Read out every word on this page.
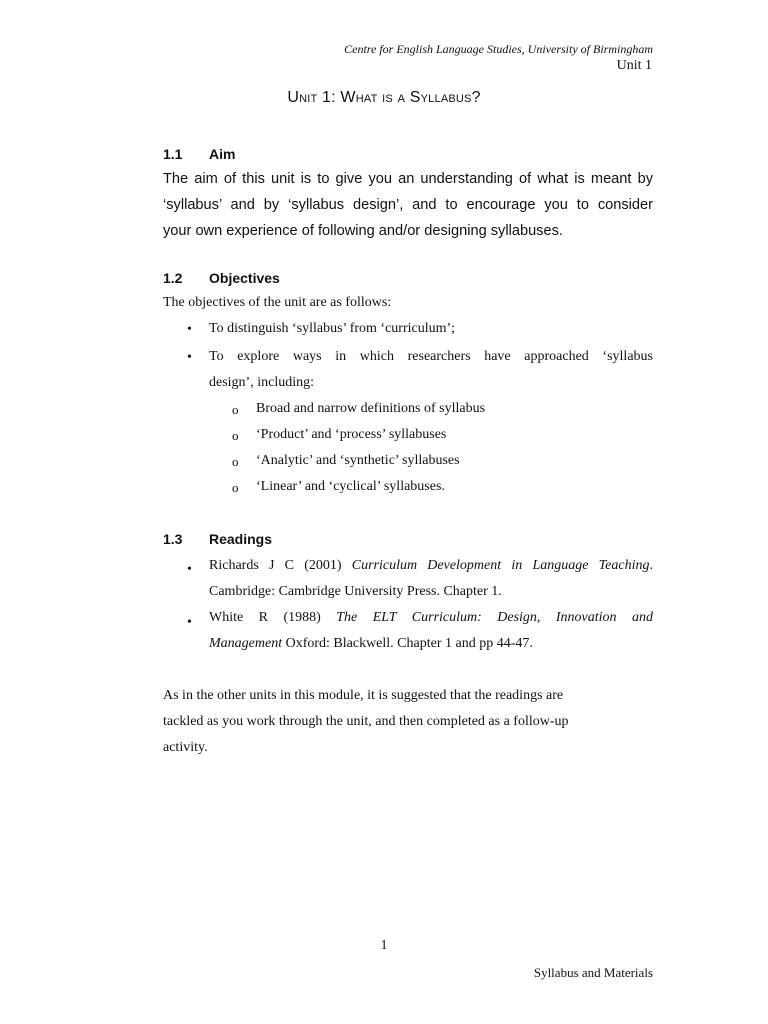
Centre for English Language Studies, University of Birmingham
Unit 1
Unit 1: What is a Syllabus?
1.1 Aim
The aim of this unit is to give you an understanding of what is meant by
‘syllabus’ and by ‘syllabus design’, and to encourage you to consider
your own experience of following and/or designing syllabuses.
1.2 Objectives
The objectives of the unit are as follows:
• To distinguish ‘syllabus’ from ‘curriculum’;
• To explore ways in which researchers have approached ‘syllabus
design’, including:
o Broad and narrow definitions of syllabus
o ‘Product’ and ‘process’ syllabuses
o ‘Analytic’ and ‘synthetic’ syllabuses
o ‘Linear’ and ‘cyclical’ syllabuses.
1.3 Readings
• Richards J C (2001) Curriculum Development in Language Teaching.
Cambridge: Cambridge University Press. Chapter 1.
• White R (1988) The ELT Curriculum: Design, Innovation and
Management Oxford: Blackwell. Chapter 1 and pp 44-47.
As in the other units in this module, it is suggested that the readings are
tackled as you work through the unit, and then completed as a follow-up
activity.
1
Syllabus and Materials
